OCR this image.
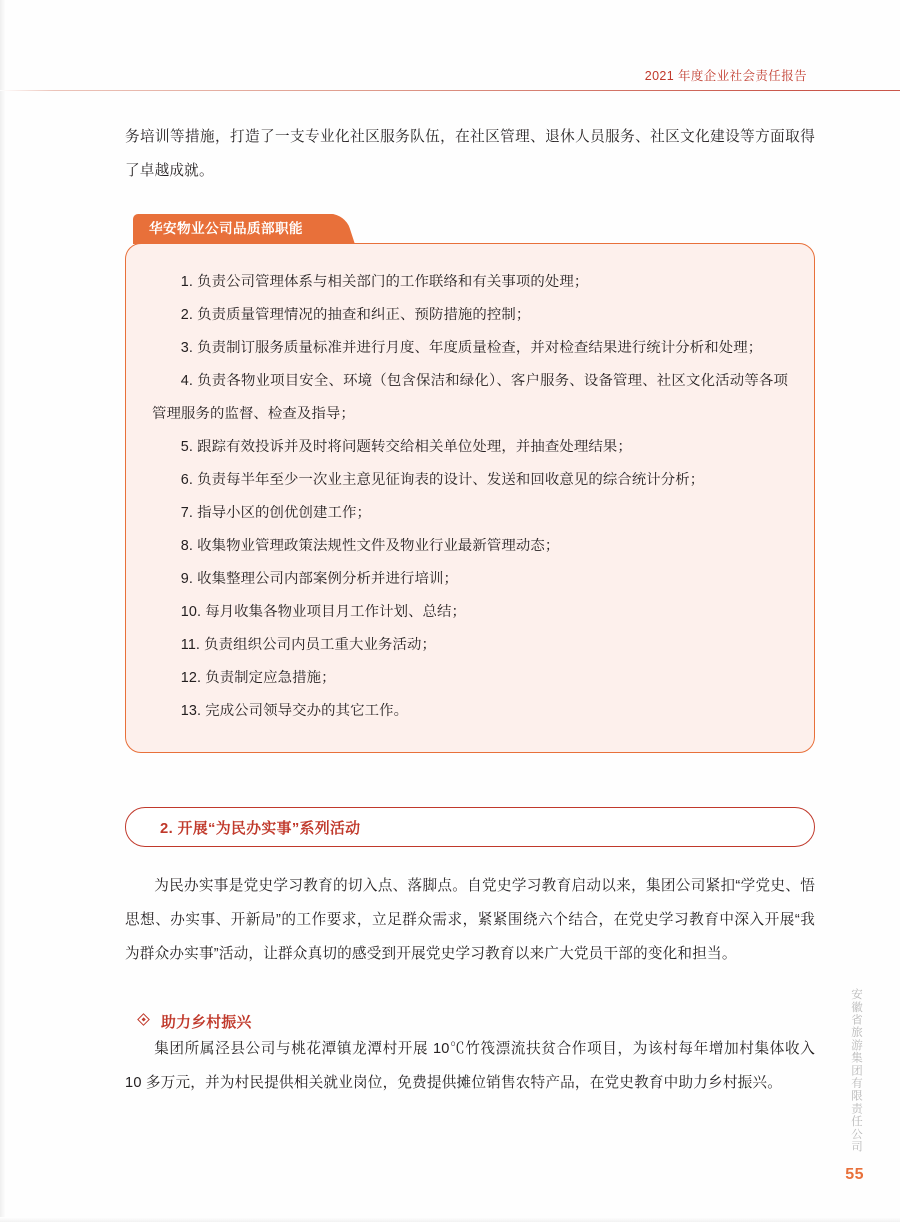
2021 年度企业社会责任报告

务培训等措施，打造了一支专业化社区服务队伍，在社区管理、退休人员服务、社区文化建设等方面取得了卓越成就。

华安物业公司品质部职能
1. 负责公司管理体系与相关部门的工作联络和有关事项的处理；
2. 负责质量管理情况的抽查和纠正、预防措施的控制；
3. 负责制订服务质量标准并进行月度、年度质量检查，并对检查结果进行统计分析和处理；
4. 负责各物业项目安全、环境（包含保洁和绿化）、客户服务、设备管理、社区文化活动等各项管理服务的监督、检查及指导；
5. 跟踪有效投诉并及时将问题转交给相关单位处理，并抽查处理结果；
6. 负责每半年至少一次业主意见征询表的设计、发送和回收意见的综合统计分析；
7. 指导小区的创优创建工作；
8. 收集物业管理政策法规性文件及物业行业最新管理动态；
9. 收集整理公司内部案例分析并进行培训；
10. 每月收集各物业项目月工作计划、总结；
11. 负责组织公司内员工重大业务活动；
12. 负责制定应急措施；
13. 完成公司领导交办的其它工作。
2. 开展“为民办实事”系列活动

为民办实事是党史学习教育的切入点、落脚点。自党史学习教育启动以来，集团公司紧扣“学党史、悟思想、办实事、开新局”的工作要求，立足群众需求，紧紧围绕六个结合，在党史学习教育中深入开展“我为群众办实事”活动，让群众真切的感受到开展党史学习教育以来广大党员干部的变化和担当。

助力乡村振兴

集团所属泾县公司与桃花潭镇龙潭村开展 10℃竹筏漂流扶贫合作项目，为该村每年增加村集体收入 10 多万元，并为村民提供相关就业岗位，免费提供摊位销售农特产品，在党史教育中助力乡村振兴。	安徽省旅游集团有限责任公司
55
